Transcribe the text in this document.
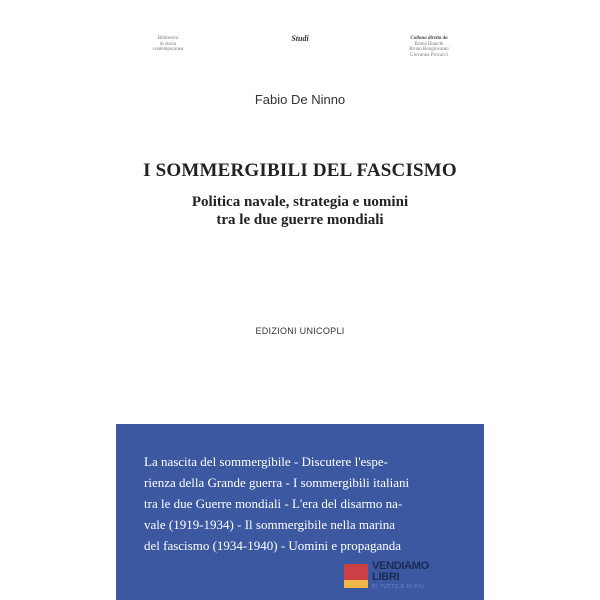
Biblioteca
di storia
contemporanea
Studi	Collana diretta da
Bruna Bianchi
Bruno Bongiovanni
Giovanna Procacci
Fabio De Ninno
I SOMMERGIBILI DEL FASCISMO
Politica navale, strategia e uomini
tra le due guerre mondiali
EDIZIONI UNICOPLI
La nascita del sommergibile - Discutere l'espe-
rienza della Grande guerra - I sommergibili italiani
tra le due Guerre mondiali - L'era del disarmo na-
vale (1919-1934) - Il sommergibile nella marina
del fascismo (1934-1940) - Uomini e propaganda
VENDIAMO
LIBRI
DI TUTTO E DI PIÙ
